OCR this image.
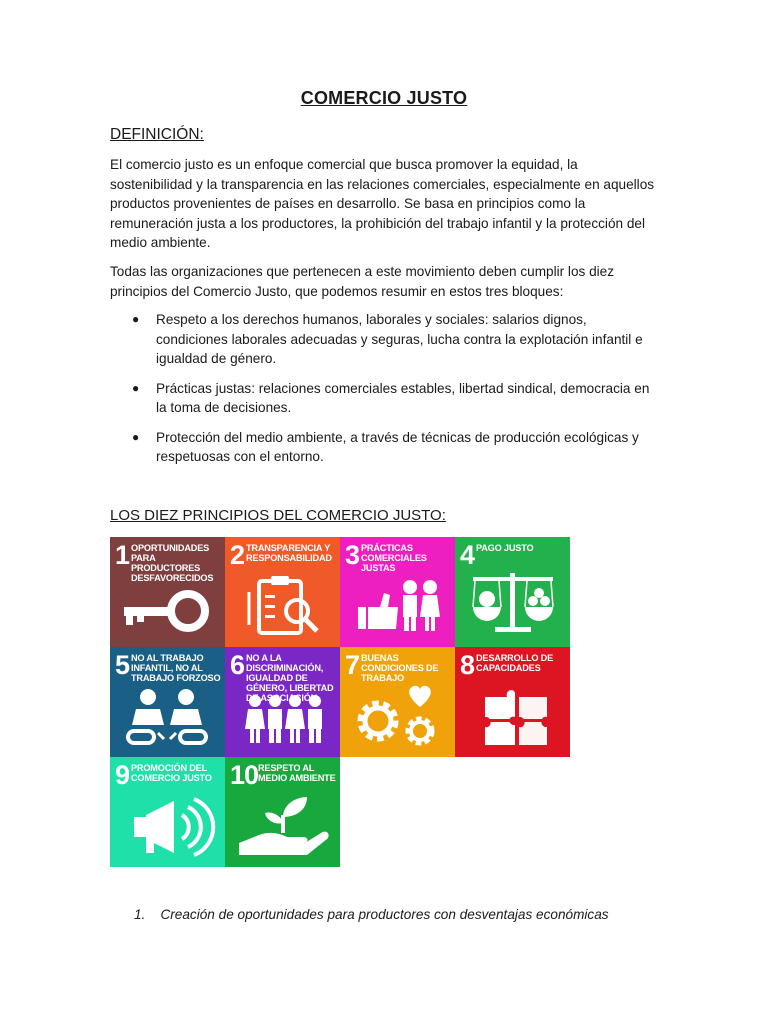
COMERCIO JUSTO
DEFINICIÓN:
El comercio justo es un enfoque comercial que busca promover la equidad, la sostenibilidad y la transparencia en las relaciones comerciales, especialmente en aquellos productos provenientes de países en desarrollo. Se basa en principios como la remuneración justa a los productores, la prohibición del trabajo infantil y la protección del medio ambiente.
Todas las organizaciones que pertenecen a este movimiento deben cumplir los diez principios del Comercio Justo, que podemos resumir en estos tres bloques:
● Respeto a los derechos humanos, laborales y sociales: salarios dignos, condiciones laborales adecuadas y seguras, lucha contra la explotación infantil e igualdad de género.
● Prácticas justas: relaciones comerciales estables, libertad sindical, democracia en la toma de decisiones.
● Protección del medio ambiente, a través de técnicas de producción ecológicas y respetuosas con el entorno.
LOS DIEZ PRINCIPIOS DEL COMERCIO JUSTO:
1 OPORTUNIDADES PARA PRODUCTORES DESFAVORECIDOS
2 TRANSPARENCIA Y RESPONSABILIDAD 3 PRÁCTICAS COMERCIALES JUSTAS	4 PAGO JUSTO
5 NO AL TRABAJO INFANTIL, NO AL TRABAJO FORZOSO 6 NO A LA DISCRIMINACIÓN, IGUALDAD DE GÉNERO, LIBERTAD DE ASOCIACIÓN
7 BUENAS CONDICIONES DE TRABAJO	8 DESARROLLO DE CAPACIDADES
9 PROMOCIÓN DEL COMERCIO JUSTO 10 RESPETO AL MEDIO AMBIENTE
1. Creación de oportunidades para productores con desventajas económicas
